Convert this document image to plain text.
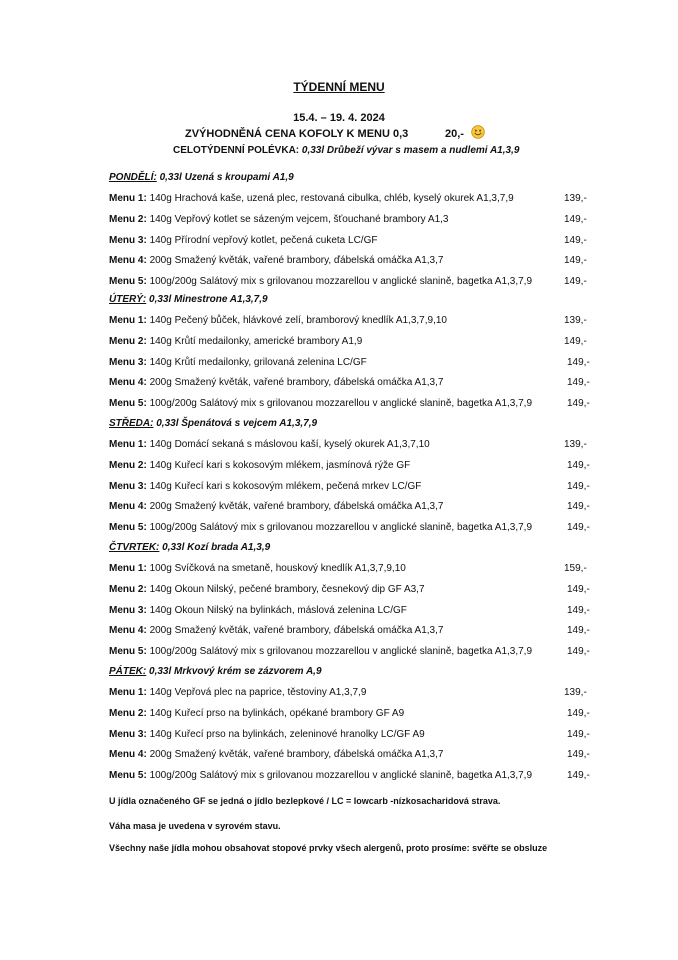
TÝDENNÍ MENU
15.4. – 19. 4. 2024
ZVÝHODNĚNÁ CENA KOFOLY K MENU 0,3	20,-
CELOTÝDENNÍ POLÉVKA: 0,33l Drůbeží vývar s masem a nudlemi A1,3,9
PONDĚLÍ: 0,33l Uzená s kroupami A1,9
Menu 1: 140g Hrachová kaše, uzená plec, restovaná cibulka, chléb, kyselý okurek A1,3,7,9	139,-
Menu 2: 140g Vepřový kotlet se sázeným vejcem, šťouchané brambory A1,3	149,-
Menu 3: 140g Přírodní vepřový kotlet, pečená cuketa LC/GF	149,-
Menu 4: 200g Smažený květák, vařené brambory, ďábelská omáčka A1,3,7	149,-
Menu 5: 100g/200g Salátový mix s grilovanou mozzarellou v anglické slanině, bagetka A1,3,7,9	149,-
ÚTERÝ: 0,33l Minestrone A1,3,7,9
Menu 1: 140g Pečený bůček, hlávkové zelí, bramborový knedlík A1,3,7,9,10	139,-
Menu 2: 140g Krůtí medailonky, americké brambory A1,9	149,-
Menu 3: 140g Krůtí medailonky, grilovaná zelenina LC/GF	149,-
Menu 4: 200g Smažený květák, vařené brambory, ďábelská omáčka A1,3,7	149,-
Menu 5: 100g/200g Salátový mix s grilovanou mozzarellou v anglické slanině, bagetka A1,3,7,9	149,-
STŘEDA: 0,33l Špenátová s vejcem A1,3,7,9
Menu 1: 140g Domácí sekaná s máslovou kaší, kyselý okurek A1,3,7,10	139,-
Menu 2: 140g Kuřecí kari s kokosovým mlékem, jasmínová rýže GF	149,-
Menu 3: 140g Kuřecí kari s kokosovým mlékem, pečená mrkev LC/GF	149,-
Menu 4: 200g Smažený květák, vařené brambory, ďábelská omáčka A1,3,7	149,-
Menu 5: 100g/200g Salátový mix s grilovanou mozzarellou v anglické slanině, bagetka A1,3,7,9	149,-
ČTVRTEK: 0,33l Kozí brada A1,3,9
Menu 1: 100g Svíčková na smetaně, houskový knedlík A1,3,7,9,10	159,-
Menu 2: 140g Okoun Nilský, pečené brambory, česnekový dip GF A3,7	149,-
Menu 3: 140g Okoun Nilský na bylinkách, máslová zelenina LC/GF	149,-
Menu 4: 200g Smažený květák, vařené brambory, ďábelská omáčka A1,3,7	149,-
Menu 5: 100g/200g Salátový mix s grilovanou mozzarellou v anglické slanině, bagetka A1,3,7,9	149,-
PÁTEK: 0,33l Mrkvový krém se zázvorem A,9
Menu 1: 140g Vepřová plec na paprice, těstoviny A1,3,7,9	139,-
Menu 2: 140g Kuřecí prso na bylinkách, opékané brambory GF A9	149,-
Menu 3: 140g Kuřecí prso na bylinkách, zeleninové hranolky LC/GF A9	149,-
Menu 4: 200g Smažený květák, vařené brambory, ďábelská omáčka A1,3,7	149,-
Menu 5: 100g/200g Salátový mix s grilovanou mozzarellou v anglické slanině, bagetka A1,3,7,9	149,-
U jídla označeného GF se jedná o jídlo bezlepkové / LC = lowcarb -nízkosacharidová strava.
Váha masa je uvedena v syrovém stavu.
Všechny naše jídla mohou obsahovat stopové prvky všech alergenů, proto prosíme: svěřte se obsluze
